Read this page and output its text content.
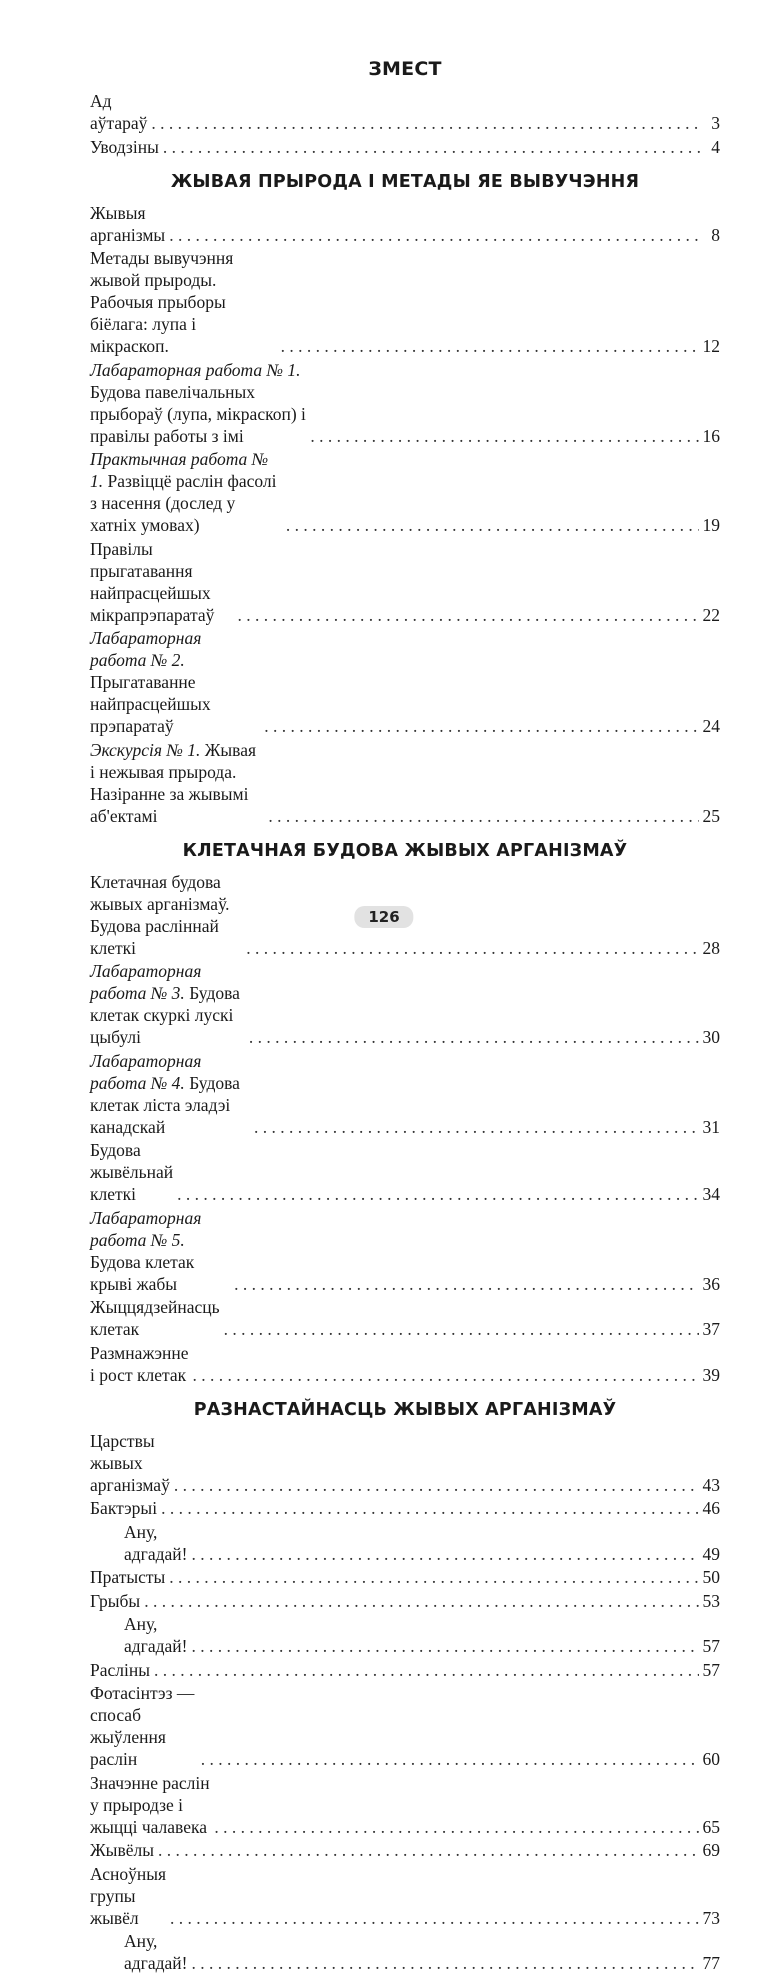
ЗМЕСТ
Ад аўтараў . . .	3
Уводзіны . . .	4
ЖЫВАЯ ПРЫРОДА І МЕТАДЫ ЯЕ ВЫВУЧЭННЯ
Жывыя арганізмы . . .	8
Метады вывучэння жывой прыроды. Рабочыя прыборы біёлага: лупа і мікраскоп. . . .	12
Лабараторная работа № 1. Будова павелічальных прыбораў (лупа, мікраскоп) і правілы работы з імі . . .	16
Практычная работа № 1. Развіццё раслін фасолі з насення (дослед у хатніх умовах) . . .	19
Правілы прыгатавання найпрасцейшых мікрапрэпаратаў . . .	22
Лабараторная работа № 2. Прыгатаванне найпрасцейшых прэпаратаў . . .	24
Экскурсія № 1. Жывая і нежывая прырода. Назіранне за жывымі аб'ектамі . . .	25
КЛЕТАЧНАЯ БУДОВА ЖЫВЫХ АРГАНІЗМАЎ
Клетачная будова жывых арганізмаў. Будова раслiннай клеткі . . .	28
Лабараторная работа № 3. Будова клетак скуркі лускі цыбулі . . .	30
Лабараторная работа № 4. Будова клетак ліста эладэі канадскай . . .	31
Будова жывёльнай клеткі . . .	34
Лабараторная работа № 5. Будова клетак крыві жабы . . .	36
Жыццядзейнасць клетак . . .	37
Размнажэнне і рост клетак . . .	39
РАЗНАСТАЙНАСЦЬ ЖЫВЫХ АРГАНІЗМАЎ
Царствы жывых арганізмаў . . .	43
Бактэрыі . . .	46
Ану, адгадай! . . .	49
Пратысты . . .	50
Грыбы . . .	53
Ану, адгадай! . . .	57
Расліны . . .	57
Фотасінтэз — спосаб жыўлення раслін . . .	60
Значэнне раслін у прыродзе і жыцці чалавека . . .	65
Жывёлы . . .	69
Асноўныя групы жывёл . . .	73
Ану, адгадай! . . .	77
126
